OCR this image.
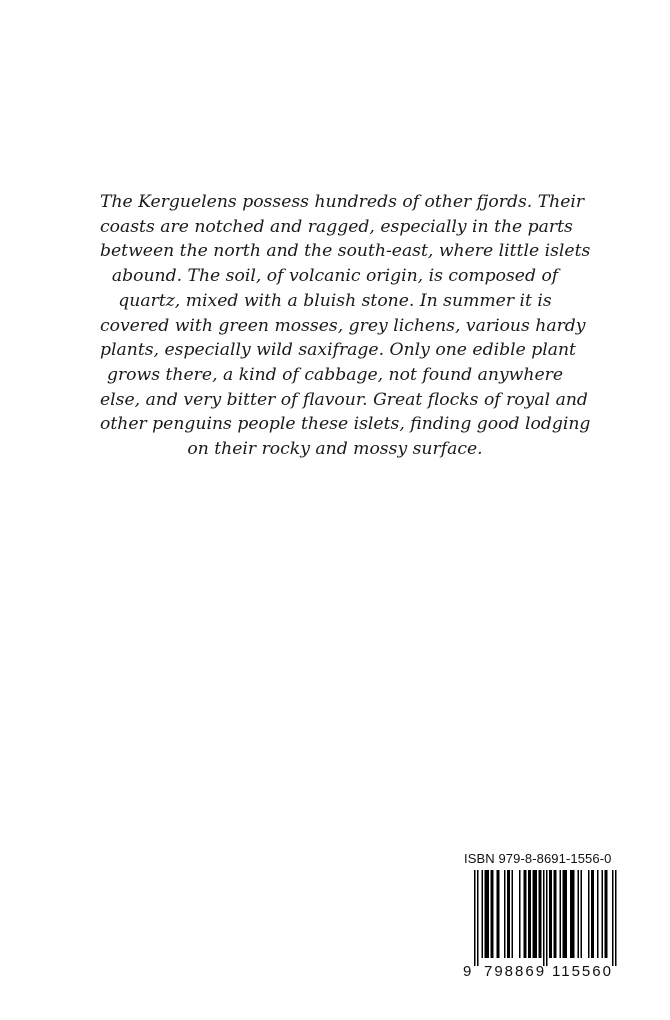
The Kerguelens possess hundreds of other fjords. Their
coasts are notched and ragged, especially in the parts
between the north and the south-east, where little islets
abound. The soil, of volcanic origin, is composed of
quartz, mixed with a bluish stone. In summer it is
covered with green mosses, grey lichens, various hardy
plants, especially wild saxifrage. Only one edible plant
grows there, a kind of cabbage, not found anywhere
else, and very bitter of flavour. Great flocks of royal and
other penguins people these islets, finding good lodging
on their rocky and mossy surface.
ISBN 979-8-8691-1556-0
9 798869 115560
